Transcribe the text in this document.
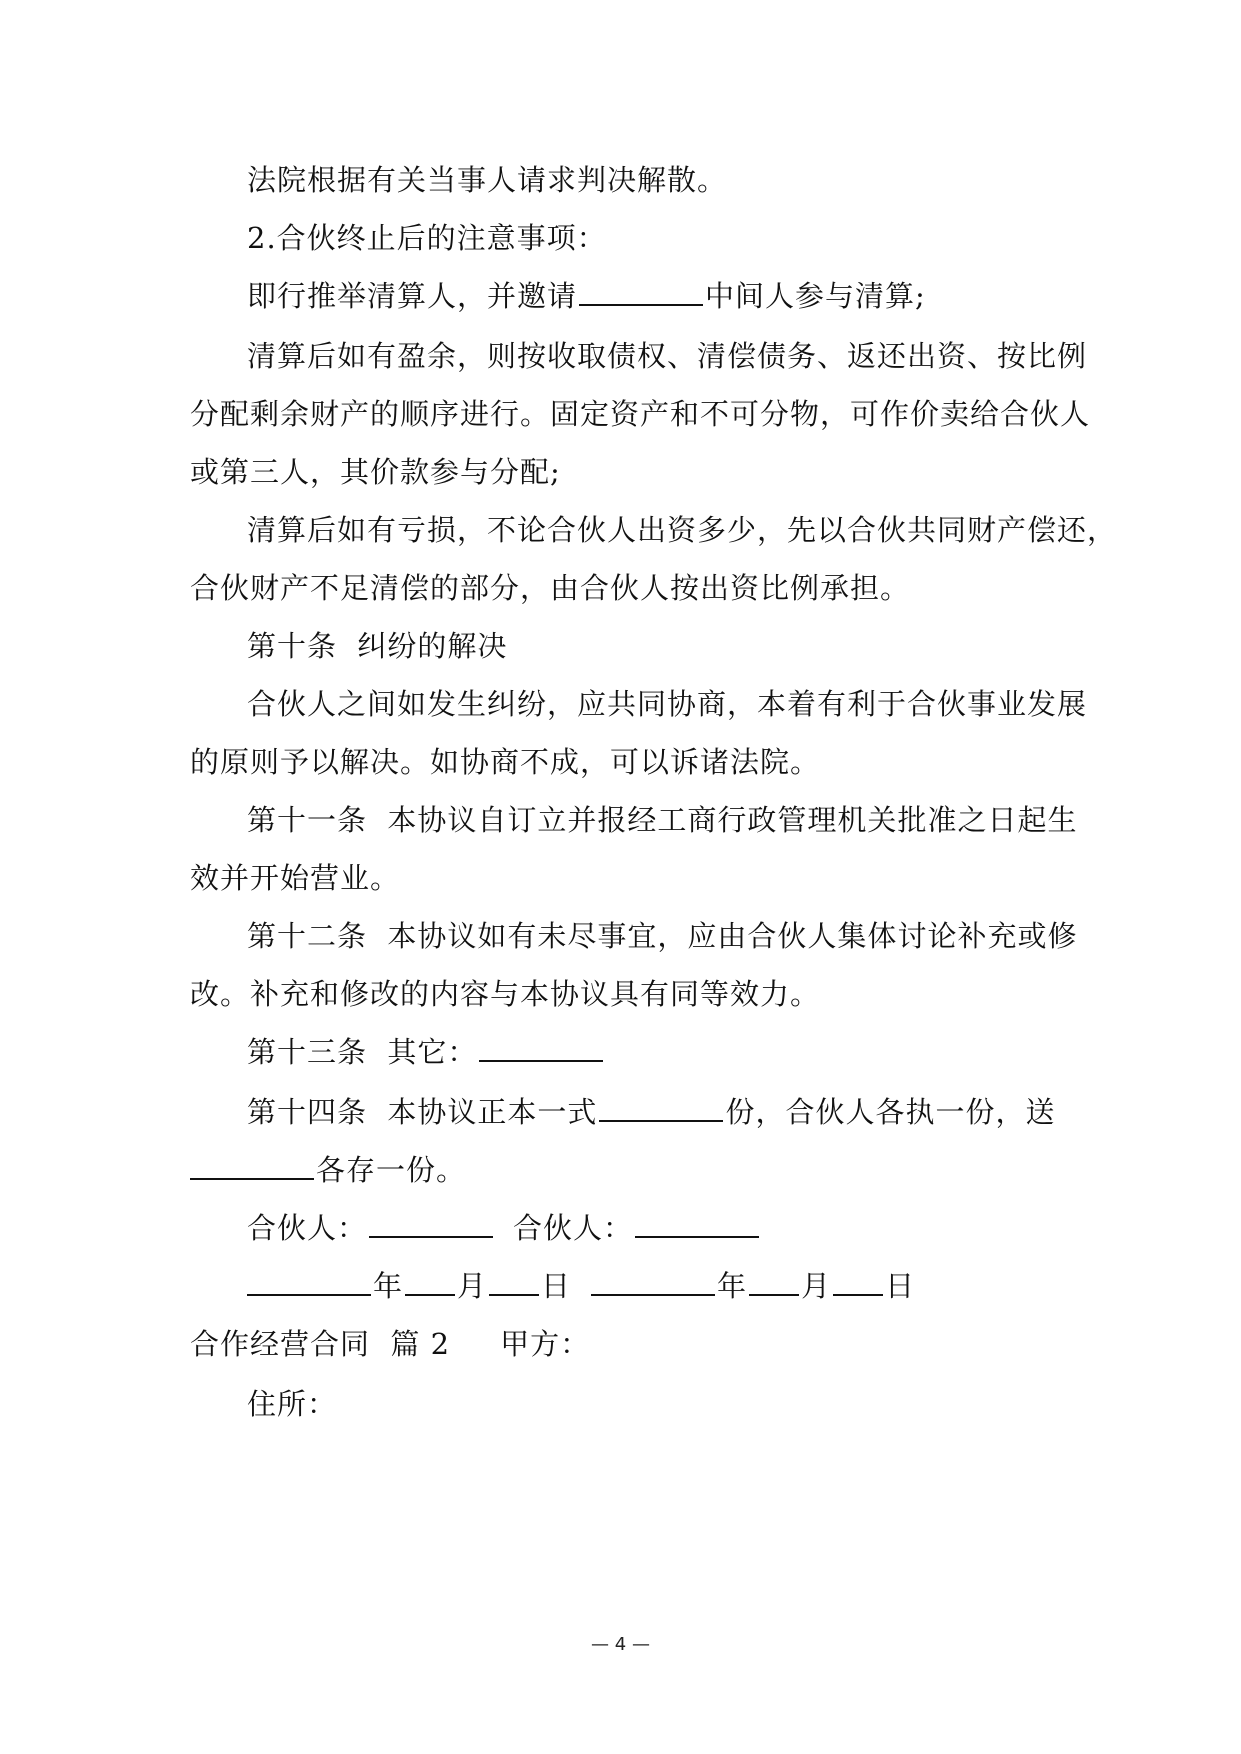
法院根据有关当事人请求判决解散。
2.合伙终止后的注意事项：
即行推举清算人，并邀请	中间人参与清算;
清算后如有盈余，则按收取债权、清偿债务、返还出资、按比例
分配剩余财产的顺序进行。固定资产和不可分物，可作价卖给合伙人
或第三人，其价款参与分配;
清算后如有亏损，不论合伙人出资多少，先以合伙共同财产偿还，
合伙财产不足清偿的部分，由合伙人按出资比例承担。
第十条  纠纷的解决
合伙人之间如发生纠纷，应共同协商，本着有利于合伙事业发展
的原则予以解决。如协商不成，可以诉诸法院。
第十一条  本协议自订立并报经工商行政管理机关批准之日起生
效并开始营业。
第十二条  本协议如有未尽事宜，应由合伙人集体讨论补充或修
改。补充和修改的内容与本协议具有同等效力。
第十三条  其它：
第十四条  本协议正本一式	份，合伙人各执一份，送
各存一份。
合伙人：	合伙人：
年 月 日	年 月 日
合作经营合同  篇 2 甲方：
住所：
— 4 —
